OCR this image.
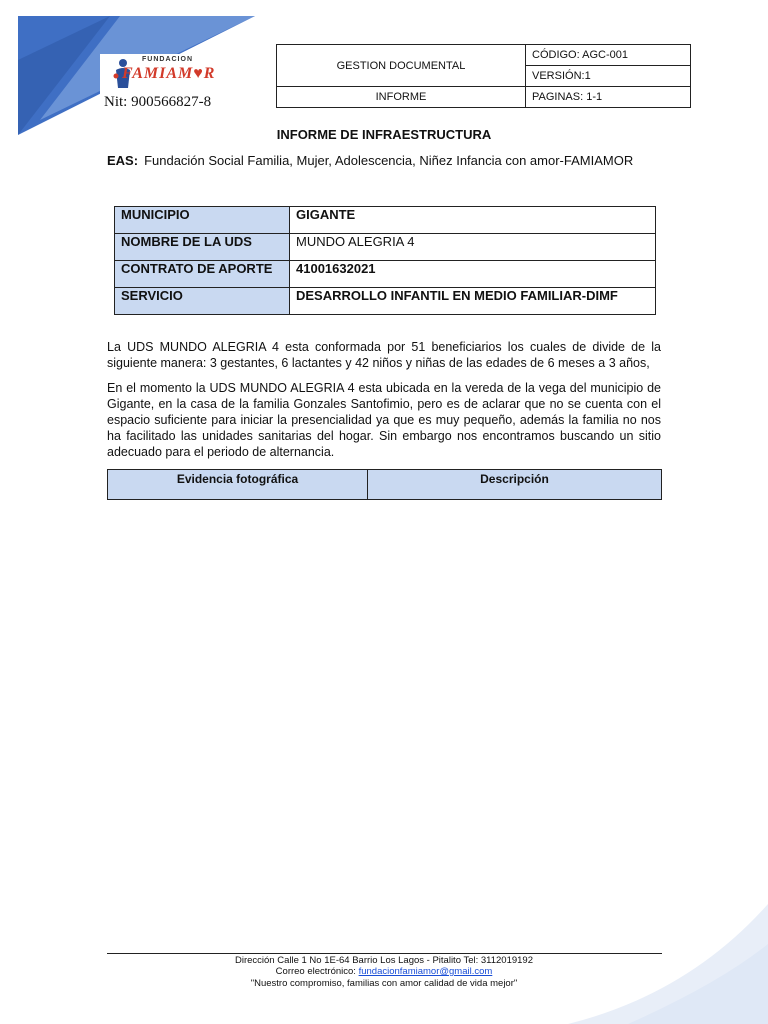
FUNDACION
FAMIAM♥R
Nit: 900566827-8
GESTION DOCUMENTAL	CÓDIGO: AGC-001
	VERSIÓN:1
INFORME	PAGINAS: 1-1
INFORME DE INFRAESTRUCTURA
EAS: Fundación Social Familia, Mujer, Adolescencia, Niñez Infancia con amor-FAMIAMOR
MUNICIPIO	GIGANTE
NOMBRE DE LA UDS	MUNDO ALEGRIA 4
CONTRATO DE APORTE	41001632021
SERVICIO	DESARROLLO INFANTIL EN MEDIO FAMILIAR-DIMF
La UDS MUNDO ALEGRIA 4 esta conformada por 51 beneficiarios los cuales de divide de la siguiente manera: 3 gestantes, 6 lactantes y 42 niños y niñas de las edades de 6 meses a 3 años,
En el momento la UDS MUNDO ALEGRIA 4 esta ubicada en la vereda de la vega del municipio de Gigante, en la casa de la familia Gonzales Santofimio, pero es de aclarar que no se cuenta con el espacio suficiente para iniciar la presencialidad ya que es muy pequeño, además la familia no nos ha facilitado las unidades sanitarias del hogar. Sin embargo nos encontramos buscando un sitio adecuado para el periodo de alternancia.
Evidencia fotográfica	Descripción
Dirección Calle 1 No 1E-64 Barrio Los Lagos - Pitalito Tel: 3112019192
Correo electrónico: fundacionfamiamor@gmail.com
"Nuestro compromiso, familias con amor calidad de vida mejor"
